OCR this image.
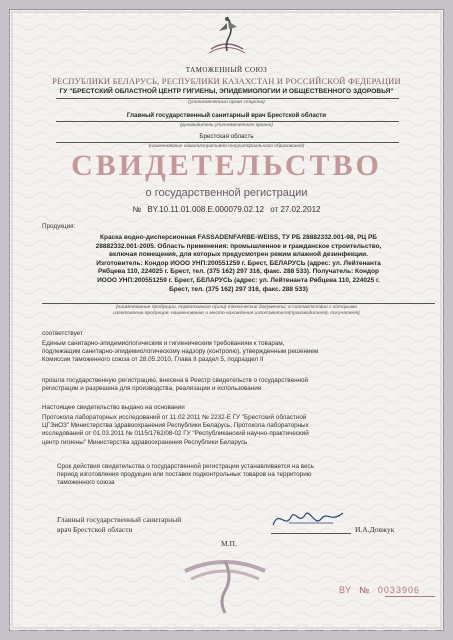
ТАМОЖЕННЫЙ СОЮЗ
РЕСПУБЛИКИ БЕЛАРУСЬ, РЕСПУБЛИКИ КАЗАХСТАН И РОССИЙСКОЙ ФЕДЕРАЦИИ
ГУ "БРЕСТСКИЙ ОБЛАСТНОЙ ЦЕНТР ГИГИЕНЫ, ЭПИДЕМИОЛОГИИ И ОБЩЕСТВЕННОГО ЗДОРОВЬЯ"
(уполномоченный орган сторона)
Главный государственный санитарный врач Брестской области
(руководитель уполномоченного органа)
Брестская область
(наименование административно-территориального образования)
СВИДЕТЕЛЬСТВО
о государственной регистрации
№ BY.10.11.01.008.E.000079.02.12 от 27.02.2012
Продукция:
Краска водно-дисперсионная FASSADENFARBE-WEISS, ТУ РБ 28882332.001-98, РЦ РБ
28882332.001-2005. Область применения: промышленное и гражданское строительство,
включая помещения, для которых предусмотрен режим влажной дезинфекции.
Изготовитель: Кондор ИООО УНП:200551259 г. Брест, БЕЛАРУСЬ (адрес: ул. Лейтенанта
Рябцева 110, 224025 г. Брест, тел. (375 162) 297 316, факс. 288 533). Получатель: Кондор
ИООО УНП:200551259 г. Брест, БЕЛАРУСЬ (адрес: ул. Лейтенанта Рябцева 110, 224025 г.
Брест, тел. (375 162) 297 316, факс. 288 533)
(наименование продукции, нормативные и(или) технические документы, в соответствии с которыми
изготовлена продукция, наименование и место нахождения изготовителя(производителя), получателя)
соответствует
Единым санитарно-эпидемиологическим и гигиеническим требованиям к товарам,
подлежащим санитарно-эпидемиологическому надзору (контролю), утвержденным решением
Комиссии таможенного союза от 28.05.2010, Глава II раздел 5, подраздел II
прошла государственную регистрацию, внесена в Реестр свидетельств о государственной
регистрации и разрешена для производства, реализации и использования
Настоящее свидетельство выдано на основании
Протокола лабораторных исследований от 11.02.2011 № 2232-Е ГУ "Брестский областной
ЦГЭиОЗ" Министерства здравоохранения Республики Беларусь, Протокола лабораторных
исследований от 01.03.2011 № 0115/1762/08-02 ГУ "Республиканский научно-практический
центр гигиены" Министерства здравоохранения Республики Беларусь
Срок действия свидетельства о государственной регистрации устанавливается на весь
период изготовления продукции или поставок подконтрольных товаров на территорию
таможенного союза
Главный государственный санитарный
врач Брестской области	И.А.Довжук
М.П.
BY № 0033906
